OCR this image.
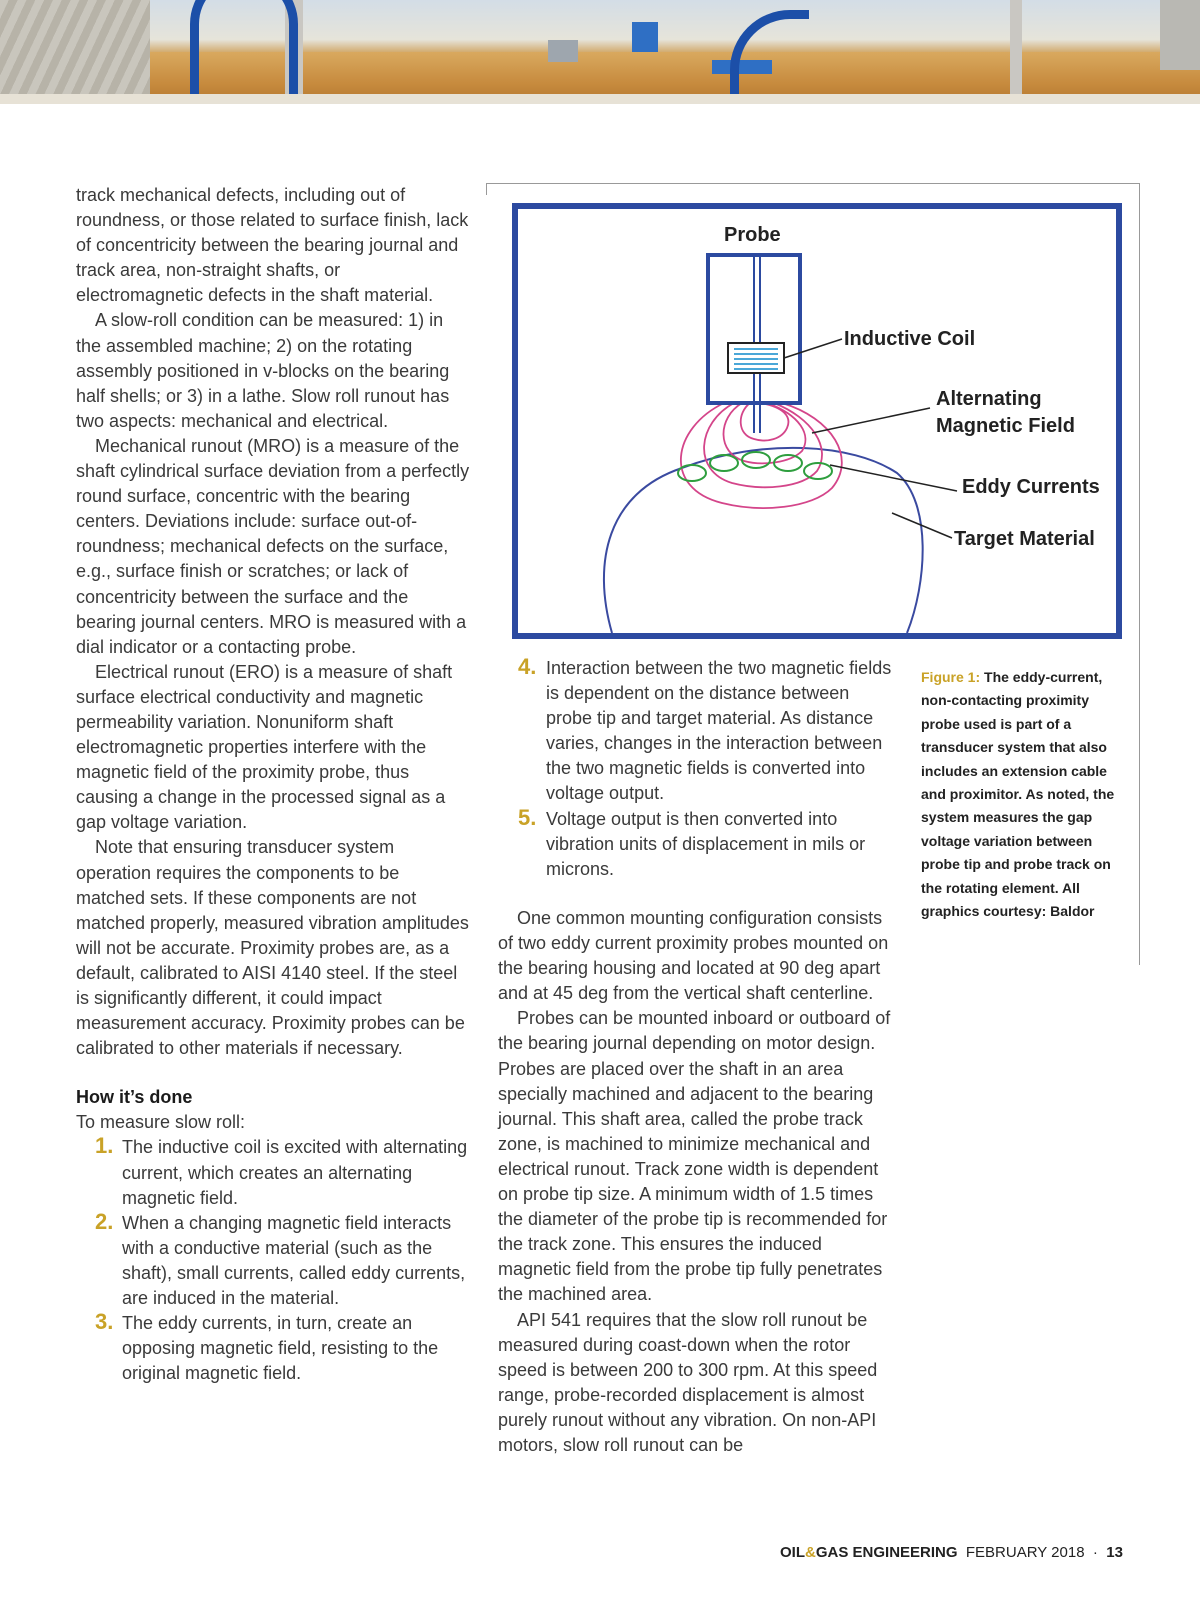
track mechanical defects, including out of roundness, or those related to surface finish, lack of concentricity between the bearing journal and track area, non-straight shafts, or electromagnetic defects in the shaft material.

A slow-roll condition can be measured: 1) in the assembled machine; 2) on the rotating assembly positioned in v-blocks on the bearing half shells; or 3) in a lathe. Slow roll runout has two aspects: mechanical and electrical.

Mechanical runout (MRO) is a measure of the shaft cylindrical surface deviation from a perfectly round surface, concentric with the bearing centers. Deviations include: surface out-of-roundness; mechanical defects on the surface, e.g., surface finish or scratches; or lack of concentricity between the surface and the bearing journal centers. MRO is measured with a dial indicator or a contacting probe.

Electrical runout (ERO) is a measure of shaft surface electrical conductivity and magnetic permeability variation. Nonuniform shaft electromagnetic properties interfere with the magnetic field of the proximity probe, thus causing a change in the processed signal as a gap voltage variation.

Note that ensuring transducer system operation requires the components to be matched sets. If these components are not matched properly, measured vibration amplitudes will not be accurate. Proximity probes are, as a default, calibrated to AISI 4140 steel. If the steel is significantly different, it could impact measurement accuracy. Proximity probes can be calibrated to other materials if necessary.

How it’s done

To measure slow roll:

1. The inductive coil is excited with alternating current, which creates an alternating magnetic field.

2. When a changing magnetic field interacts with a conductive material (such as the shaft), small currents, called eddy currents, are induced in the material.

3. The eddy currents, in turn, create an opposing magnetic field, resisting to the original magnetic field.

Probe
Inductive Coil
Alternating
Magnetic Field
Eddy Currents
Target Material

4. Interaction between the two magnetic fields is dependent on the distance between probe tip and target material. As distance varies, changes in the interaction between the two magnetic fields is converted into voltage output.

5. Voltage output is then converted into vibration units of displacement in mils or microns.

One common mounting configuration consists of two eddy current proximity probes mounted on the bearing housing and located at 90 deg apart and at 45 deg from the vertical shaft centerline.

Probes can be mounted inboard or outboard of the bearing journal depending on motor design. Probes are placed over the shaft in an area specially machined and adjacent to the bearing journal. This shaft area, called the probe track zone, is machined to minimize mechanical and electrical runout. Track zone width is dependent on probe tip size. A minimum width of 1.5 times the diameter of the probe tip is recommended for the track zone. This ensures the induced magnetic field from the probe tip fully penetrates the machined area.

API 541 requires that the slow roll runout be measured during coast-down when the rotor speed is between 200 to 300 rpm. At this speed range, probe-recorded displacement is almost purely runout without any vibration. On non-API motors, slow roll runout can be

Figure 1: The eddy-current, non-contacting proximity probe used is part of a transducer system that also includes an extension cable and proximitor. As noted, the system measures the gap voltage variation between probe tip and probe track on the rotating element. All graphics courtesy: Baldor
OIL&GAS ENGINEERING FEBRUARY 2018 · 13
